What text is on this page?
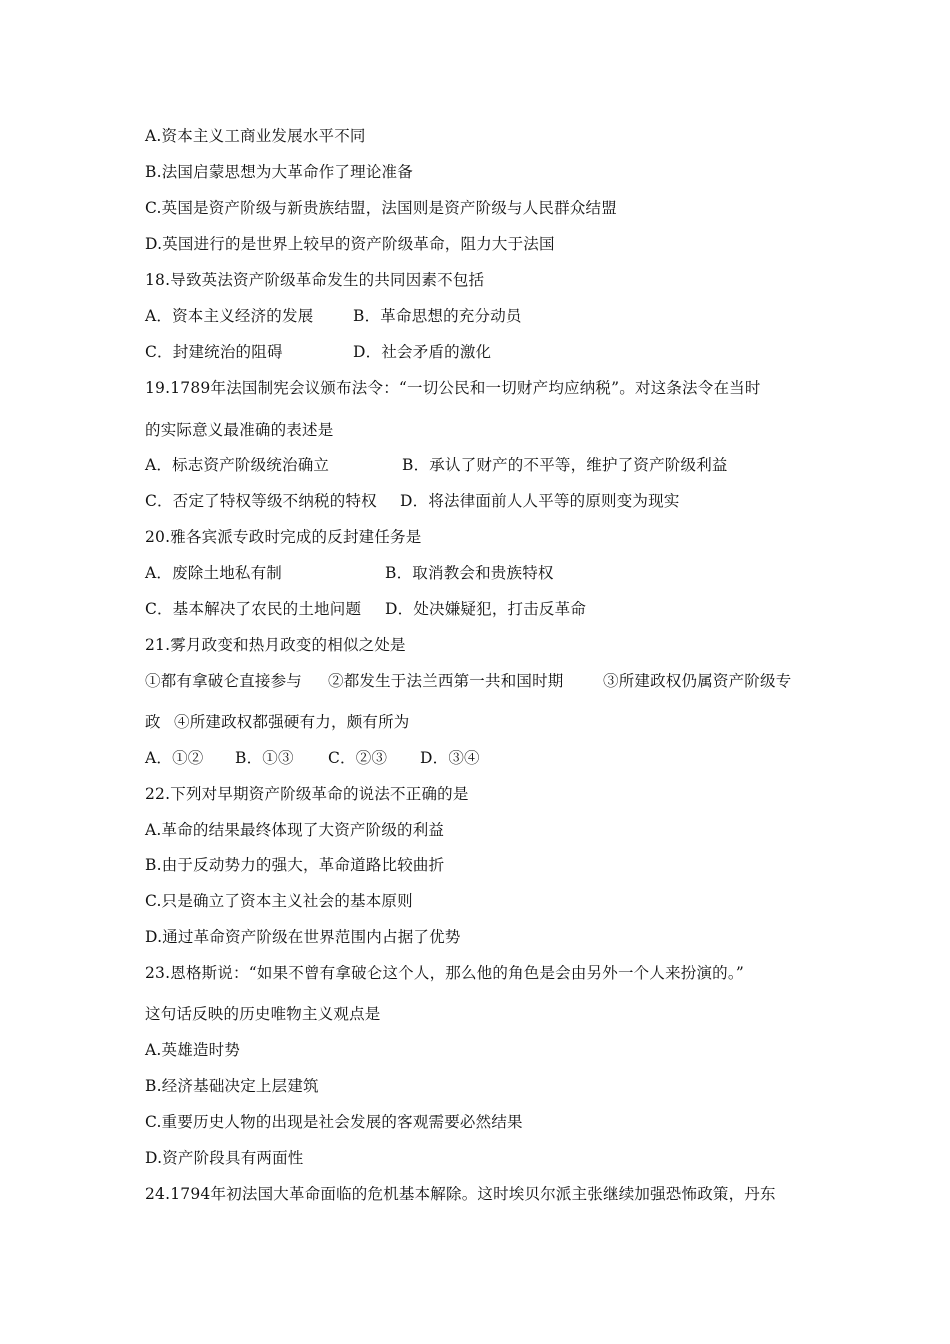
A.资本主义工商业发展水平不同
B.法国启蒙思想为大革命作了理论准备
C.英国是资产阶级与新贵族结盟，法国则是资产阶级与人民群众结盟
D.英国进行的是世界上较早的资产阶级革命，阻力大于法国
18.导致英法资产阶级革命发生的共同因素不包括
A．资本主义经济的发展	B．革命思想的充分动员
C．封建统治的阻碍	D．社会矛盾的激化
19.1789年法国制宪会议颁布法令：“一切公民和一切财产均应纳税”。对这条法令在当时
的实际意义最准确的表述是
A．标志资产阶级统治确立	B．承认了财产的不平等，维护了资产阶级利益
C．否定了特权等级不纳税的特权 D．将法律面前人人平等的原则变为现实
20.雅各宾派专政时完成的反封建任务是
A．废除土地私有制	B．取消教会和贵族特权
C．基本解决了农民的土地问题 D．处决嫌疑犯，打击反革命
21.雾月政变和热月政变的相似之处是
①都有拿破仑直接参与 ②都发生于法兰西第一共和国时期	③所建政权仍属资产阶级专
政 ④所建政权都强硬有力，颇有所为
A．①② B．①③ C．②③ D．③④
22.下列对早期资产阶级革命的说法不正确的是
A.革命的结果最终体现了大资产阶级的利益
B.由于反动势力的强大，革命道路比较曲折
C.只是确立了资本主义社会的基本原则
D.通过革命资产阶级在世界范围内占据了优势
23.恩格斯说：“如果不曾有拿破仑这个人，那么他的角色是会由另外一个人来扮演的。”
这句话反映的历史唯物主义观点是
A.英雄造时势
B.经济基础决定上层建筑
C.重要历史人物的出现是社会发展的客观需要必然结果
D.资产阶段具有两面性
24.1794年初法国大革命面临的危机基本解除。这时埃贝尔派主张继续加强恐怖政策，丹东
